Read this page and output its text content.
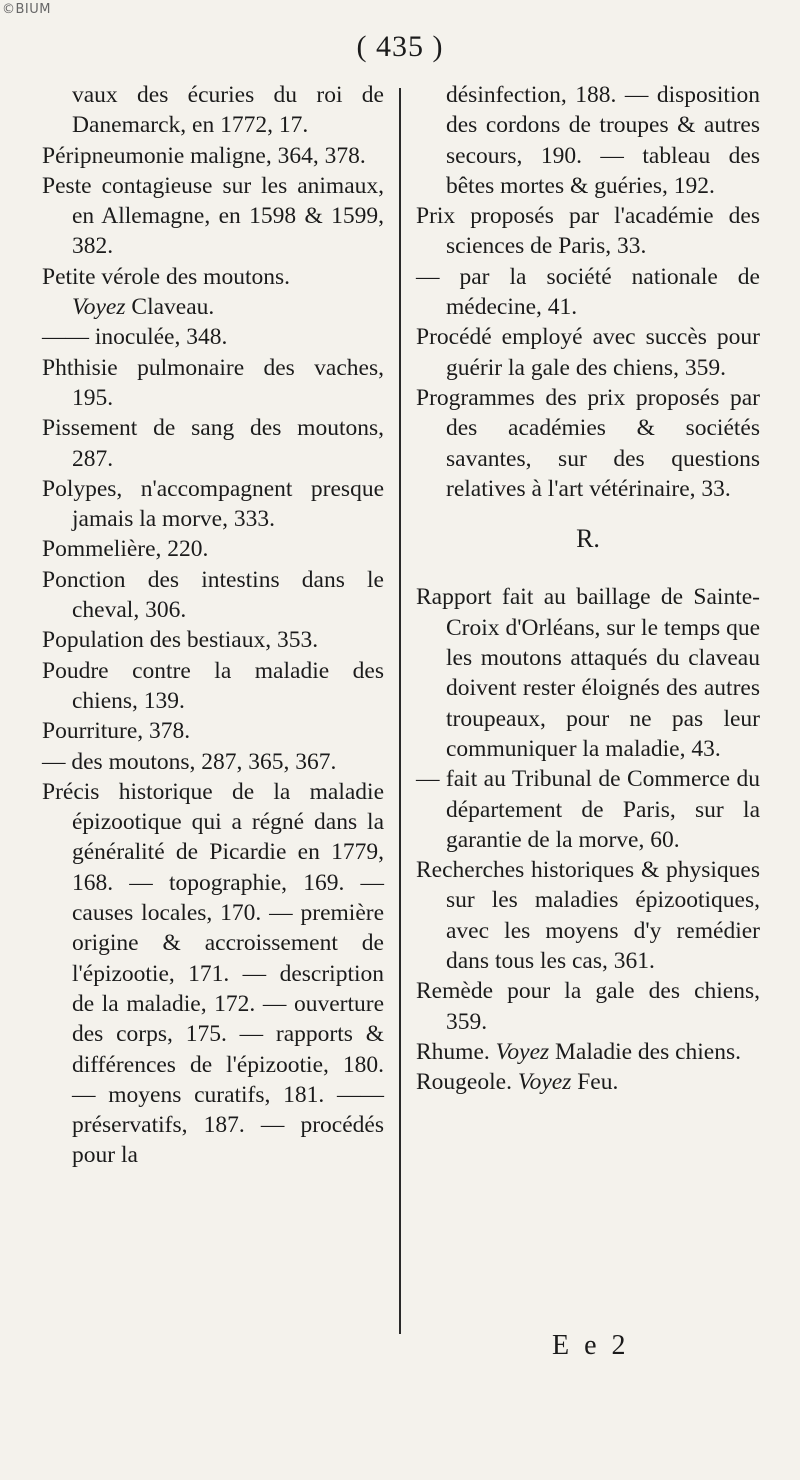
©BIUM
( 435 )

vaux des écuries du roi de Danemarck, en 1772, 17.

Péripneumonie maligne, 364, 378.

Peste contagieuse sur les animaux, en Allemagne, en 1598 & 1599, 382.

Petite vérole des moutons.

Voyez Claveau.

—— inoculée, 348.

Phthisie pulmonaire des vaches, 195.

Pissement de sang des moutons, 287.

Polypes, n'accompagnent presque jamais la morve, 333.

Pommelière, 220.

Ponction des intestins dans le cheval, 306.

Population des bestiaux, 353.

Poudre contre la maladie des chiens, 139.

Pourriture, 378.

— des moutons, 287, 365, 367.

Précis historique de la maladie épizootique qui a régné dans la généralité de Picardie en 1779, 168. — topographie, 169. — causes locales, 170. — première origine & accroissement de l'épizootie, 171. — description de la maladie, 172. — ouverture des corps, 175. — rapports & différences de l'épizootie, 180. — moyens curatifs, 181. —— préservatifs, 187. — procédés pour la

désinfection, 188. — disposition des cordons de troupes & autres secours, 190. — tableau des bêtes mortes & guéries, 192.

Prix proposés par l'académie des sciences de Paris, 33.

— par la société nationale de médecine, 41.

Procédé employé avec succès pour guérir la gale des chiens, 359.

Programmes des prix proposés par des académies & sociétés savantes, sur des questions relatives à l'art vétérinaire, 33.

R.

Rapport fait au baillage de Sainte-Croix d'Orléans, sur le temps que les moutons attaqués du claveau doivent rester éloignés des autres troupeaux, pour ne pas leur communiquer la maladie, 43.

— fait au Tribunal de Commerce du département de Paris, sur la garantie de la morve, 60.

Recherches historiques & physiques sur les maladies épizootiques, avec les moyens d'y remédier dans tous les cas, 361.

Remède pour la gale des chiens, 359.

Rhume. Voyez Maladie des chiens.

Rougeole. Voyez Feu.

E e 2
